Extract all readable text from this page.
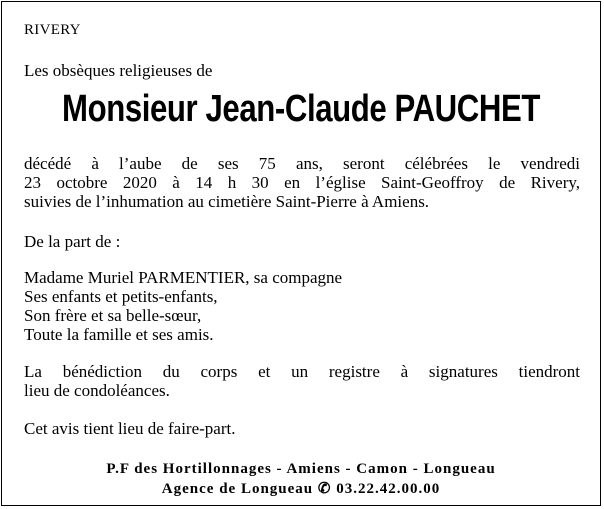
RIVERY
Les obsèques religieuses de
Monsieur Jean-Claude PAUCHET
décédé à l’aube de ses 75 ans, seront célébrées le vendredi
23 octobre 2020 à 14 h 30 en l’église Saint-Geoffroy de Rivery,
suivies de l’inhumation au cimetière Saint-Pierre à Amiens.
De la part de :
Madame Muriel PARMENTIER, sa compagne
Ses enfants et petits-enfants,
Son frère et sa belle-sœur,
Toute la famille et ses amis.
La bénédiction du corps et un registre à signatures tiendront
lieu de condoléances.
Cet avis tient lieu de faire-part.
P.F des Hortillonnages - Amiens - Camon - Longueau
Agence de Longueau ✆ 03.22.42.00.00
